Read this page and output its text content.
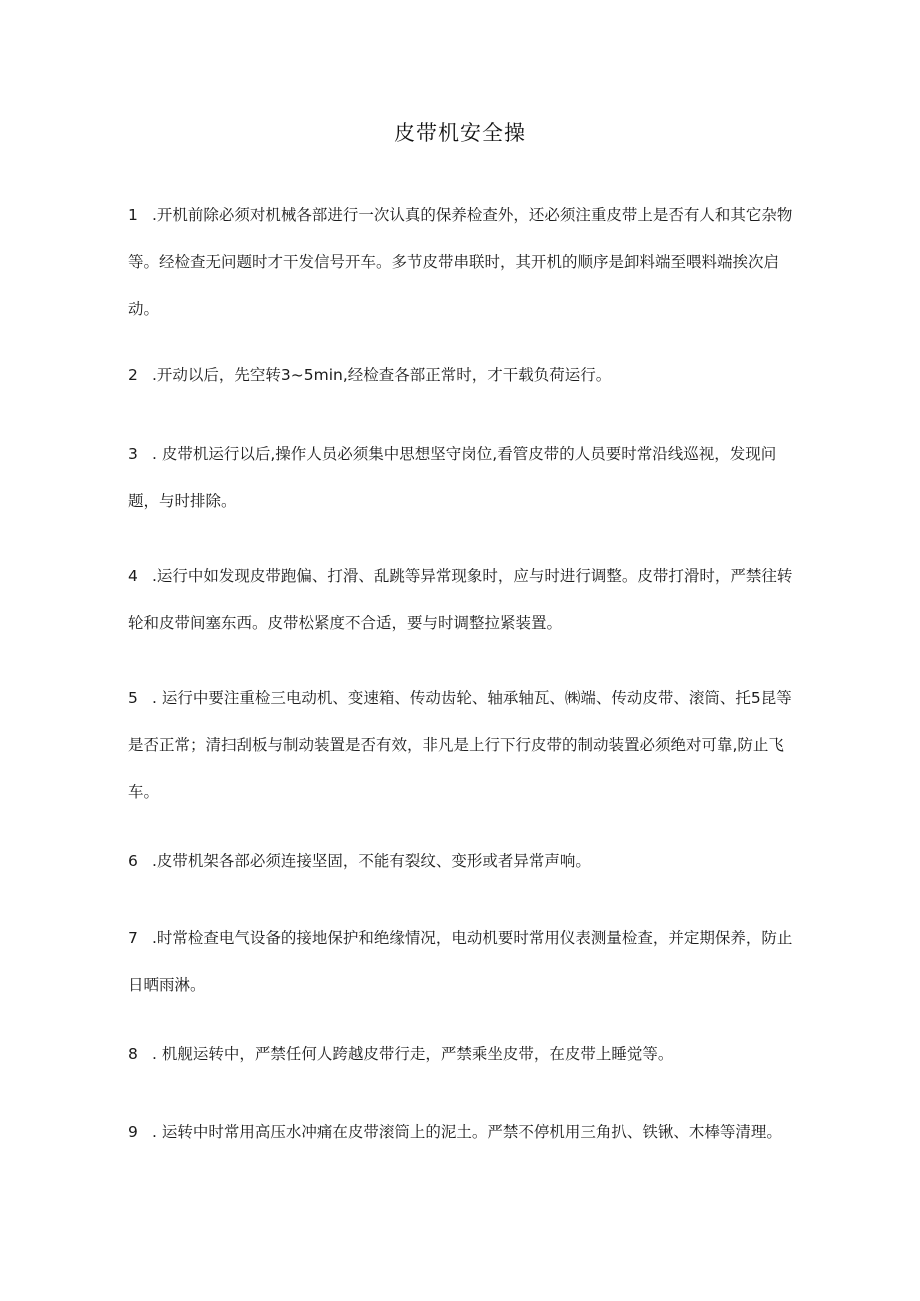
皮带机安全操
1 .开机前除必须对机械各部进行一次认真的保养检查外，还必须注重皮带上是否有人和其它杂物等。经检查无问题时才干发信号开车。多节皮带串联时，其开机的顺序是卸料端至喂料端挨次启动。
2 .开动以后，先空转3~5min,经检查各部正常时，才干载负荷运行。
3 . 皮带机运行以后,操作人员必须集中思想坚守岗位,看管皮带的人员要时常沿线巡视，发现问题，与时排除。
4 .运行中如发现皮带跑偏、打滑、乱跳等异常现象时，应与时进行调整。皮带打滑时，严禁往转轮和皮带间塞东西。皮带松紧度不合适，要与时调整拉紧装置。
5 . 运行中要注重检三电动机、变速箱、传动齿轮、轴承轴瓦、㈱端、传动皮带、滚筒、托5昆等是否正常；清扫刮板与制动装置是否有效，非凡是上行下行皮带的制动装置必须绝对可靠,防止飞车。
6 .皮带机架各部必须连接坚固，不能有裂纹、变形或者异常声响。
7 .时常检查电气设备的接地保护和绝缘情况，电动机要时常用仪表测量检查，并定期保养，防止日晒雨淋。
8 . 机舰运转中，严禁任何人跨越皮带行走，严禁乘坐皮带，在皮带上睡觉等。
9 . 运转中时常用高压水冲痛在皮带滚筒上的泥土。严禁不停机用三角扒、铁锹、木棒等清理。
